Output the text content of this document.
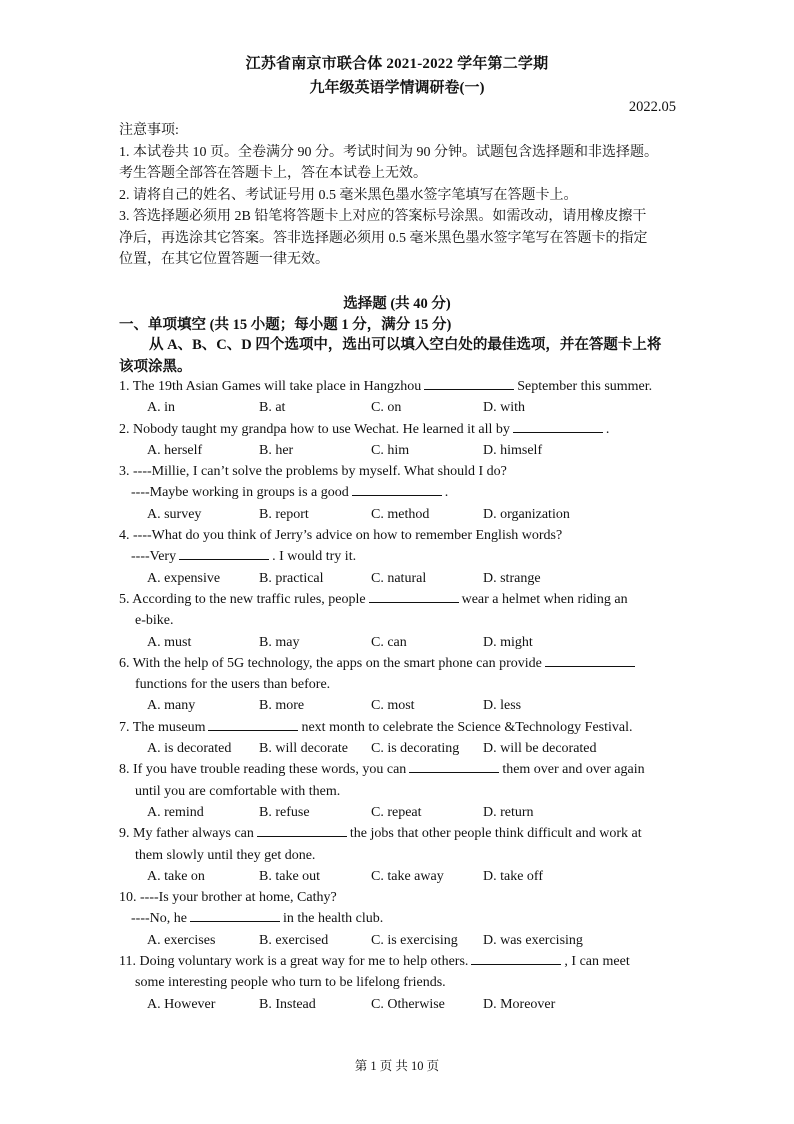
江苏省南京市联合体 2021-2022 学年第二学期
九年级英语学情调研卷(一)
2022.05
注意事项:
1. 本试卷共 10 页。全卷满分 90 分。考试时间为 90 分钟。试题包含选择题和非选择题。
考生答题全部答在答题卡上，答在本试卷上无效。
2. 请将自己的姓名、考试证号用 0.5 毫米黑色墨水签字笔填写在答题卡上。
3. 答选择题必须用 2B 铅笔将答题卡上对应的答案标号涂黑。如需改动，请用橡皮擦干
净后，再选涂其它答案。答非选择题必须用 0.5 毫米黑色墨水签字笔写在答题卡的指定
位置，在其它位置答题一律无效。
选择题 (共 40 分)
一、单项填空 (共 15 小题；每小题 1 分，满分 15 分)
从 A、B、C、D 四个选项中，选出可以填入空白处的最佳选项，并在答题卡上将
该项涂黑。
1. The 19th Asian Games will take place in Hangzhou	September this summer.
A. in	B. at	C. on	D. with
2. Nobody taught my grandpa how to use Wechat. He learned it all by	.
A. herself	B. her	C. him	D. himself
3. ----Millie, I can’t solve the problems by myself. What should I do?
----Maybe working in groups is a good	.
A. survey	B. report	C. method	D. organization
4. ----What do you think of Jerry’s advice on how to remember English words?
----Very	. I would try it.
A. expensive	B. practical	C. natural	D. strange
5. According to the new traffic rules, people	wear a helmet when riding an
e-bike.
A. must	B. may	C. can	D. might
6. With the help of 5G technology, the apps on the smart phone can provide
functions for the users than before.
A. many	B. more	C. most	D. less
7. The museum	next month to celebrate the Science &Technology Festival.
A. is decorated	B. will decorate	C. is decorating	D. will be decorated
8. If you have trouble reading these words, you can	them over and over again
until you are comfortable with them.
A. remind	B. refuse	C. repeat	D. return
9. My father always can	the jobs that other people think difficult and work at
them slowly until they get done.
A. take on	B. take out	C. take away	D. take off
10. ----Is your brother at home, Cathy?
----No, he	in the health club.
A. exercises	B. exercised	C. is exercising	D. was exercising
11. Doing voluntary work is a great way for me to help others.	, I can meet
some interesting people who turn to be lifelong friends.
A. However	B. Instead	C. Otherwise	D. Moreover
第 1 页 共 10 页
